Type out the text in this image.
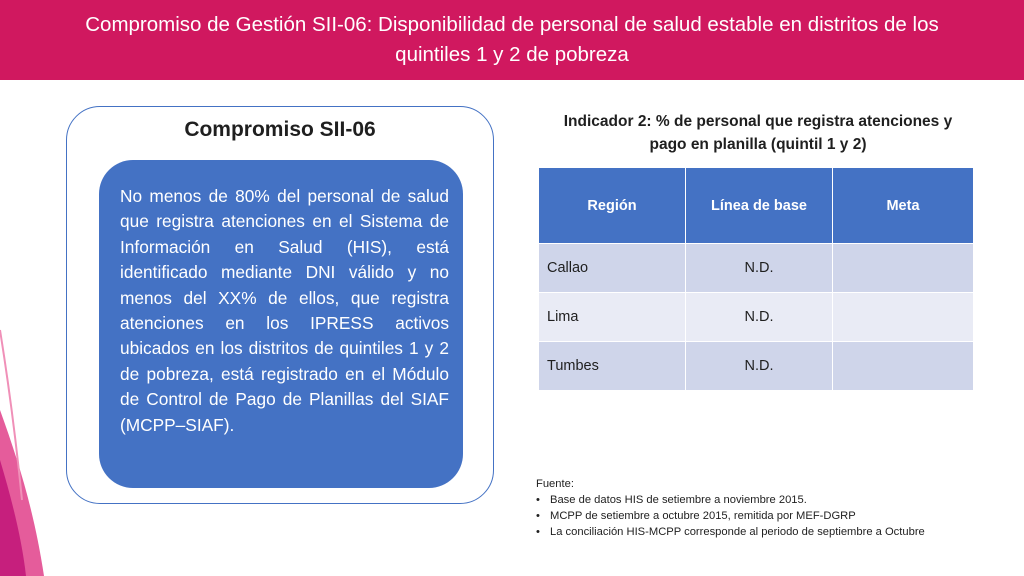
Compromiso de Gestión SII-06: Disponibilidad de personal de salud estable en distritos de los
quintiles 1 y 2 de pobreza
Compromiso SII-06

No menos de 80% del personal de salud que registra atenciones en el Sistema de Información en Salud (HIS), está identificado mediante DNI válido y no menos del XX% de ellos, que registra atenciones en los IPRESS activos ubicados en los distritos de quintiles 1 y 2 de pobreza, está registrado en el Módulo de Control de Pago de Planillas del SIAF (MCPP–SIAF).

Indicador 2: % de personal que registra atenciones y
pago en planilla (quintil 1 y 2)
Región	Línea de base	Meta
Callao	N.D.	
Lima	N.D.	
Tumbes	N.D.	

Fuente:

• Base de datos HIS de setiembre a noviembre 2015.
• MCPP de setiembre a octubre 2015, remitida por MEF-DGRP
• La conciliación HIS-MCPP corresponde al periodo de septiembre a Octubre
